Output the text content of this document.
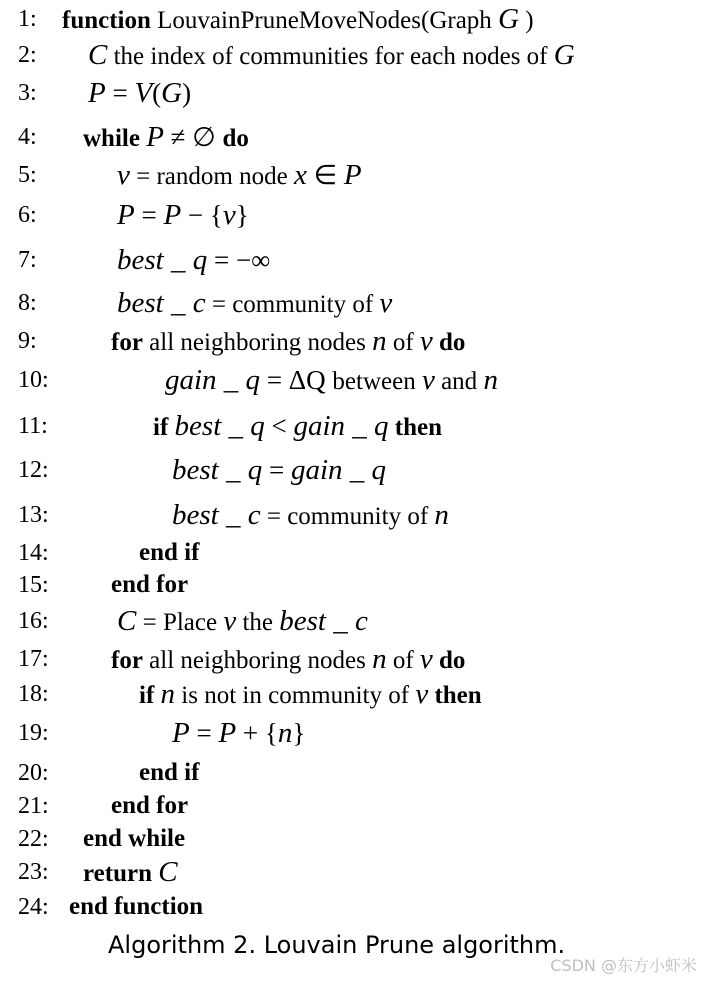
1:	function LouvainPruneMoveNodes(Graph G )
2:	C the index of communities for each nodes of G
3:	P = V(G)
4:	while P ≠ ∅ do
5:	v = random node x ∈ P
6:	P = P − {v}
7:	best _ q = −∞
8:	best _ c = community of v
9:	for all neighboring nodes n of v do
10:	gain _ q = ΔQ between v and n
11:	if best _ q < gain _ q then
12:	best _ q = gain _ q
13:	best _ c = community of n
14:	end if
15:	end for
16:	C = Place v the best _ c
17:	for all neighboring nodes n of v do
18:	if n is not in community of v then
19:	P = P + {n}
20:	end if
21:	end for
22:	end while
23:	return C
24: end function
Algorithm 2. Louvain Prune algorithm.
CSDN @东方小虾米
